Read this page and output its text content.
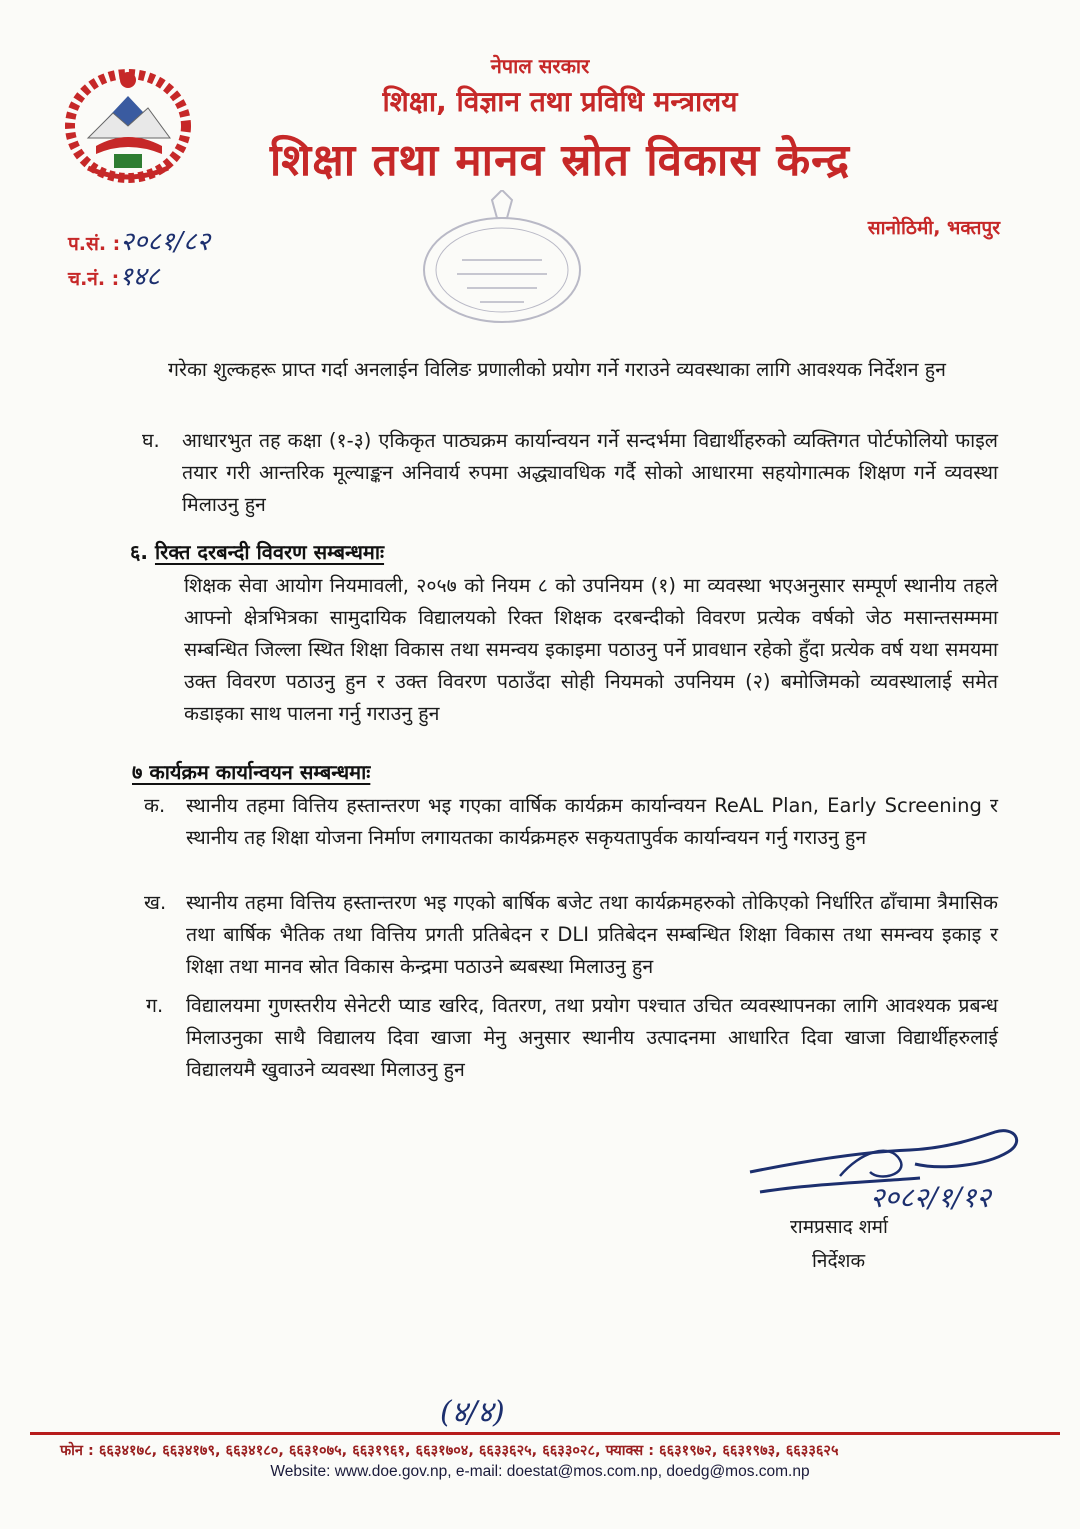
नेपाल सरकार
शिक्षा, विज्ञान तथा प्रविधि मन्त्रालय
शिक्षा तथा मानव स्रोत विकास केन्द्र
प.सं. :२०८१/८२
च.नं. :१४८
सानोठिमी, भक्तपुर
गरेका शुल्कहरू प्राप्त गर्दा अनलाईन विलिङ प्रणालीको प्रयोग गर्ने गराउने व्यवस्थाका लागि आवश्यक निर्देशन हुन
घ. आधारभुत तह कक्षा (१-३) एकिकृत पाठ्यक्रम कार्यान्वयन गर्ने सन्दर्भमा विद्यार्थीहरुको व्यक्तिगत पोर्टफोलियो फाइल तयार गरी आन्तरिक मूल्याङ्कन अनिवार्य रुपमा अद्ध्यावधिक गर्दै सोको आधारमा सहयोगात्मक शिक्षण गर्ने व्यवस्था मिलाउनु हुन
६. रिक्त दरबन्दी विवरण सम्बन्धमाः
शिक्षक सेवा आयोग नियमावली, २०५७ को नियम ८ को उपनियम (१) मा व्यवस्था भएअनुसार सम्पूर्ण स्थानीय तहले आफ्नो क्षेत्रभित्रका सामुदायिक विद्यालयको रिक्त शिक्षक दरबन्दीको विवरण प्रत्येक वर्षको जेठ मसान्तसम्ममा सम्बन्धित जिल्ला स्थित शिक्षा विकास तथा समन्वय इकाइमा पठाउनु पर्ने प्रावधान रहेको हुँदा प्रत्येक वर्ष यथा समयमा उक्त विवरण पठाउनु हुन र उक्त विवरण पठाउँदा सोही नियमको उपनियम (२) बमोजिमको व्यवस्थालाई समेत कडाइका साथ पालना गर्नु गराउनु हुन
७ कार्यक्रम कार्यान्वयन सम्बन्धमाः
क. स्थानीय तहमा वित्तिय हस्तान्तरण भइ गएका वार्षिक कार्यक्रम कार्यान्वयन ReAL Plan, Early Screening र स्थानीय तह शिक्षा योजना निर्माण लगायतका कार्यक्रमहरु सकृयतापुर्वक कार्यान्वयन गर्नु गराउनु हुन
ख. स्थानीय तहमा वित्तिय हस्तान्तरण भइ गएको बार्षिक बजेट तथा कार्यक्रमहरुको तोकिएको निर्धारित ढाँचामा त्रैमासिक तथा बार्षिक भैतिक तथा वित्तिय प्रगती प्रतिबेदन र DLI प्रतिबेदन सम्बन्धित शिक्षा विकास तथा समन्वय इकाइ र शिक्षा तथा मानव स्रोत विकास केन्द्रमा पठाउने ब्यबस्था मिलाउनु हुन
ग. विद्यालयमा गुणस्तरीय सेनेटरी प्याड खरिद, वितरण, तथा प्रयोग पश्चात उचित व्यवस्थापनका लागि आवश्यक प्रबन्ध मिलाउनुका साथै विद्यालय दिवा खाजा मेनु अनुसार स्थानीय उत्पादनमा आधारित दिवा खाजा विद्यार्थीहरुलाई विद्यालयमै खुवाउने व्यवस्था मिलाउनु हुन
२०८२/१/१२
रामप्रसाद शर्मा
निर्देशक
(४/४)
फोन : ६६३४१७८, ६६३४१७९, ६६३४१८०, ६६३१०७५, ६६३१९६१, ६६३१७०४, ६६३३६२५, ६६३३०२८, फ्याक्स : ६६३१९७२, ६६३१९७३, ६६३३६२५
Website: www.doe.gov.np, e-mail: doestat@mos.com.np, doedg@mos.com.np
